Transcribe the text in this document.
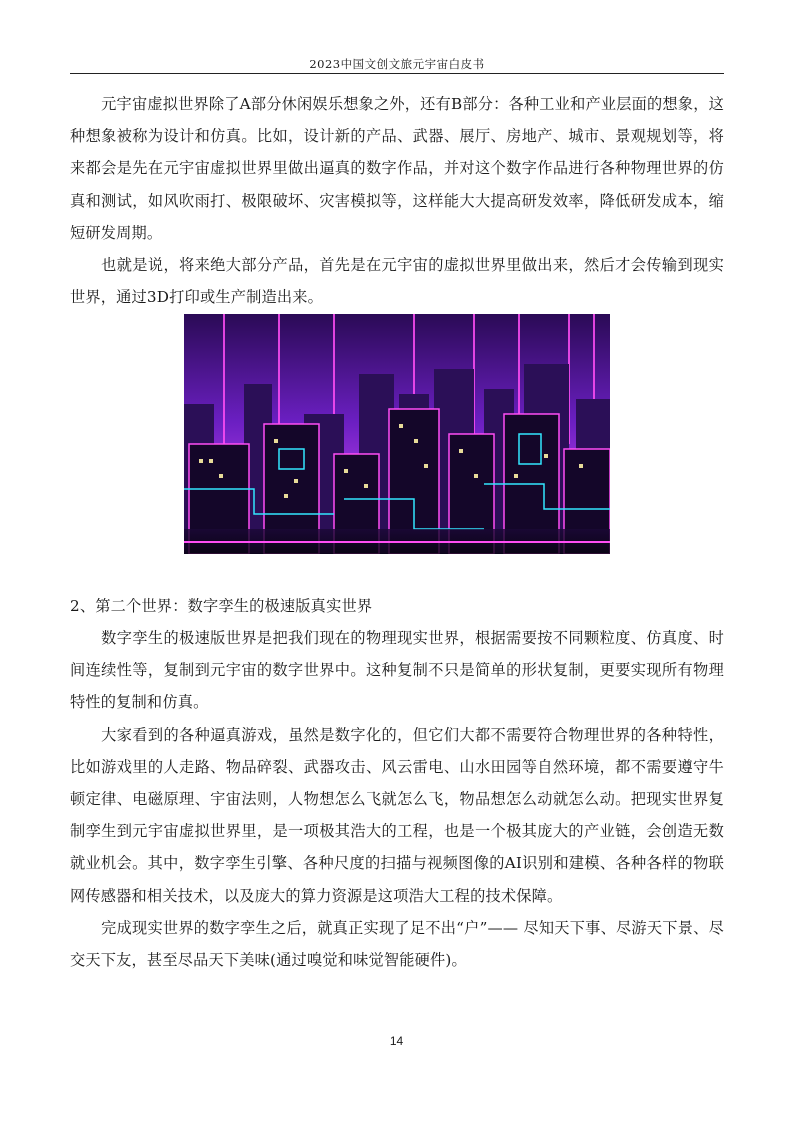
2023中国文创文旅元宇宙白皮书

元宇宙虚拟世界除了A部分休闲娱乐想象之外，还有B部分：各种工业和产业层面的想象，这种想象被称为设计和仿真。比如，设计新的产品、武器、展厅、房地产、城市、景观规划等，将来都会是先在元宇宙虚拟世界里做出逼真的数字作品，并对这个数字作品进行各种物理世界的仿真和测试，如风吹雨打、极限破坏、灾害模拟等，这样能大大提高研发效率，降低研发成本，缩短研发周期。

也就是说，将来绝大部分产品，首先是在元宇宙的虚拟世界里做出来，然后才会传输到现实世界，通过3D打印或生产制造出来。

2、第二个世界：数字孪生的极速版真实世界

数字孪生的极速版世界是把我们现在的物理现实世界，根据需要按不同颗粒度、仿真度、时间连续性等，复制到元宇宙的数字世界中。这种复制不只是简单的形状复制，更要实现所有物理特性的复制和仿真。

大家看到的各种逼真游戏，虽然是数字化的，但它们大都不需要符合物理世界的各种特性，比如游戏里的人走路、物品碎裂、武器攻击、风云雷电、山水田园等自然环境，都不需要遵守牛顿定律、电磁原理、宇宙法则，人物想怎么飞就怎么飞，物品想怎么动就怎么动。把现实世界复制孪生到元宇宙虚拟世界里，是一项极其浩大的工程，也是一个极其庞大的产业链，会创造无数就业机会。其中，数字孪生引擎、各种尺度的扫描与视频图像的AI识别和建模、各种各样的物联网传感器和相关技术，以及庞大的算力资源是这项浩大工程的技术保障。

完成现实世界的数字孪生之后，就真正实现了足不出“户”—— 尽知天下事、尽游天下景、尽交天下友，甚至尽品天下美味(通过嗅觉和味觉智能硬件)。

14
